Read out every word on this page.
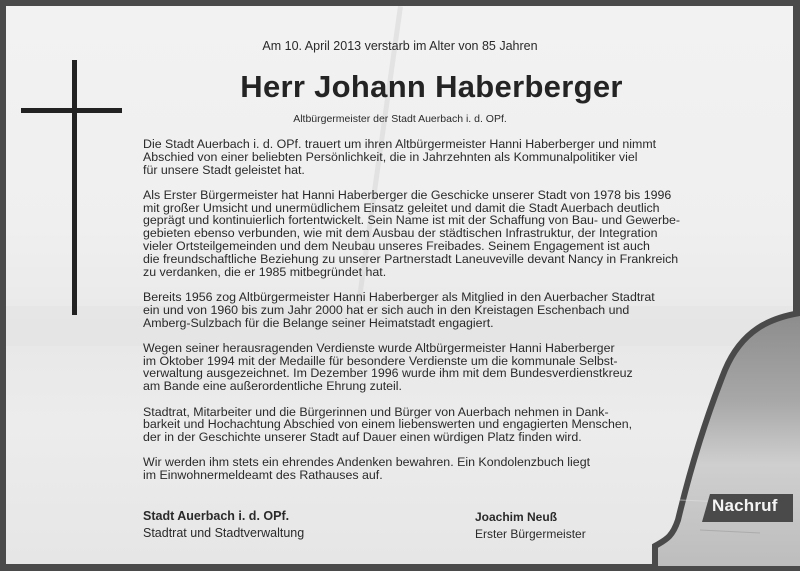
Am 10. April 2013 verstarb im Alter von 85 Jahren
Herr Johann Haberberger
Altbürgermeister der Stadt Auerbach i. d. OPf.

Die Stadt Auerbach i. d. OPf. trauert um ihren Altbürgermeister Hanni Haberberger und nimmt
Abschied von einer beliebten Persönlichkeit, die in Jahrzehnten als Kommunalpolitiker viel
für unsere Stadt geleistet hat.

Als Erster Bürgermeister hat Hanni Haberberger die Geschicke unserer Stadt von 1978 bis 1996
mit großer Umsicht und unermüdlichem Einsatz geleitet und damit die Stadt Auerbach deutlich
geprägt und kontinuierlich fortentwickelt. Sein Name ist mit der Schaffung von Bau- und Gewerbe-
gebieten ebenso verbunden, wie mit dem Ausbau der städtischen Infrastruktur, der Integration
vieler Ortsteilgemeinden und dem Neubau unseres Freibades. Seinem Engagement ist auch
die freundschaftliche Beziehung zu unserer Partnerstadt Laneuveville devant Nancy in Frankreich
zu verdanken, die er 1985 mitbegründet hat.

Bereits 1956 zog Altbürgermeister Hanni Haberberger als Mitglied in den Auerbacher Stadtrat
ein und von 1960 bis zum Jahr 2000 hat er sich auch in den Kreistagen Eschenbach und
Amberg-Sulzbach für die Belange seiner Heimatstadt engagiert.

Wegen seiner herausragenden Verdienste wurde Altbürgermeister Hanni Haberberger
im Oktober 1994 mit der Medaille für besondere Verdienste um die kommunale Selbst-
verwaltung ausgezeichnet. Im Dezember 1996 wurde ihm mit dem Bundesverdienstkreuz
am Bande eine außerordentliche Ehrung zuteil.

Stadtrat, Mitarbeiter und die Bürgerinnen und Bürger von Auerbach nehmen in Dank-
barkeit und Hochachtung Abschied von einem liebenswerten und engagierten Menschen,
der in der Geschichte unserer Stadt auf Dauer einen würdigen Platz finden wird.

Wir werden ihm stets ein ehrendes Andenken bewahren. Ein Kondolenzbuch liegt
im Einwohnermeldeamt des Rathauses auf.

Stadt Auerbach i. d. OPf.
Stadtrat und Stadtverwaltung
Joachim Neuß
Erster Bürgermeister
Nachruf
